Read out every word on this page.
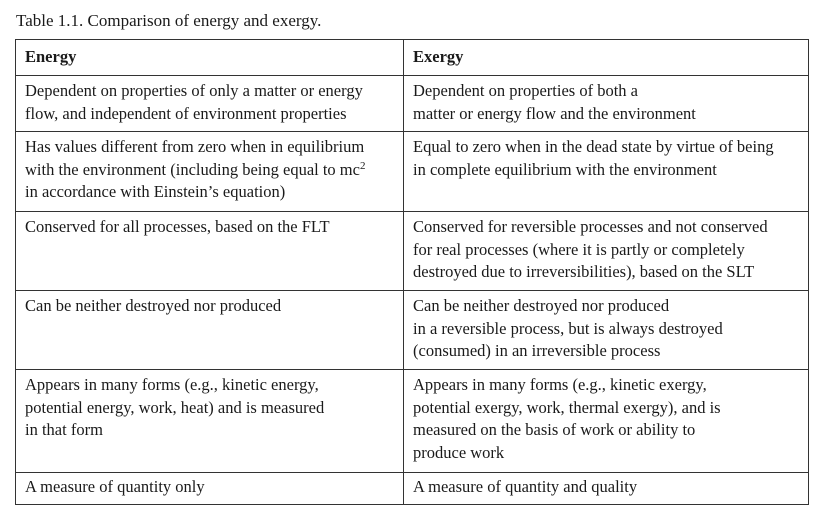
Table 1.1. Comparison of energy and exergy.
Energy	Exergy

Dependent on properties of only a matter or energy
flow, and independent of environment properties	Dependent on properties of both a
matter or energy flow and the environment

Has values different from zero when in equilibrium
with the environment (including being equal to $mc^2$
in accordance with Einstein’s equation)	Equal to zero when in the dead state by virtue of being
in complete equilibrium with the environment

Conserved for all processes, based on the FLT	Conserved for reversible processes and not conserved
for real processes (where it is partly or completely
destroyed due to irreversibilities), based on the SLT

Can be neither destroyed nor produced	Can be neither destroyed nor produced
in a reversible process, but is always destroyed
(consumed) in an irreversible process

Appears in many forms (e.g., kinetic energy,
potential energy, work, heat) and is measured
in that form	Appears in many forms (e.g., kinetic exergy,
potential exergy, work, thermal exergy), and is
measured on the basis of work or ability to
produce work

A measure of quantity only	A measure of quantity and quality
